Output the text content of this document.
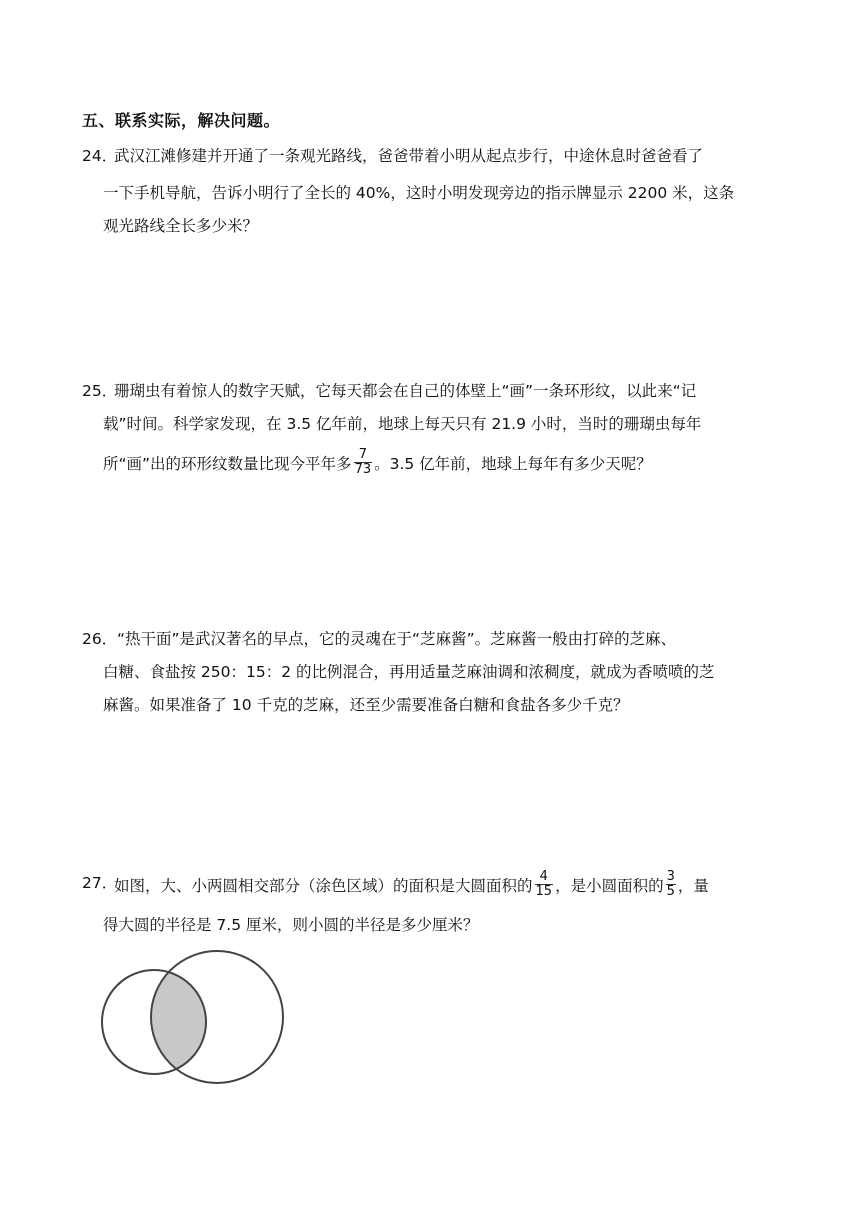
五、联系实际，解决问题。
24．
武汉江滩修建并开通了一条观光路线，爸爸带着小明从起点步行，中途休息时爸爸看了
一下手机导航，告诉小明行了全长的 40%，这时小明发现旁边的指示牌显示 2200 米，这条
观光路线全长多少米？
25．
珊瑚虫有着惊人的数字天赋，它每天都会在自己的体壁上“画”一条环形纹，以此来“记
载”时间。科学家发现，在 3.5 亿年前，地球上每天只有 21.9 小时，当时的珊瑚虫每年
所“画”出的环形纹数量比现今平年多 $\frac{7}{73}$ 。3.5 亿年前，地球上每年有多少天呢？
26． “热干面”是武汉著名的早点，它的灵魂在于“芝麻酱”。芝麻酱一般由打碎的芝麻、
白糖、食盐按 250：15：2 的比例混合，再用适量芝麻油调和浓稠度，就成为香喷喷的芝
麻酱。如果准备了 10 千克的芝麻，还至少需要准备白糖和食盐各多少千克？
27．
如图，大、小两圆相交部分（涂色区域）的面积是大圆面积的 $\frac{4}{15}$ ，是小圆面积的 $\frac{3}{5}$ ，量
得大圆的半径是 7.5 厘米，则小圆的半径是多少厘米？
